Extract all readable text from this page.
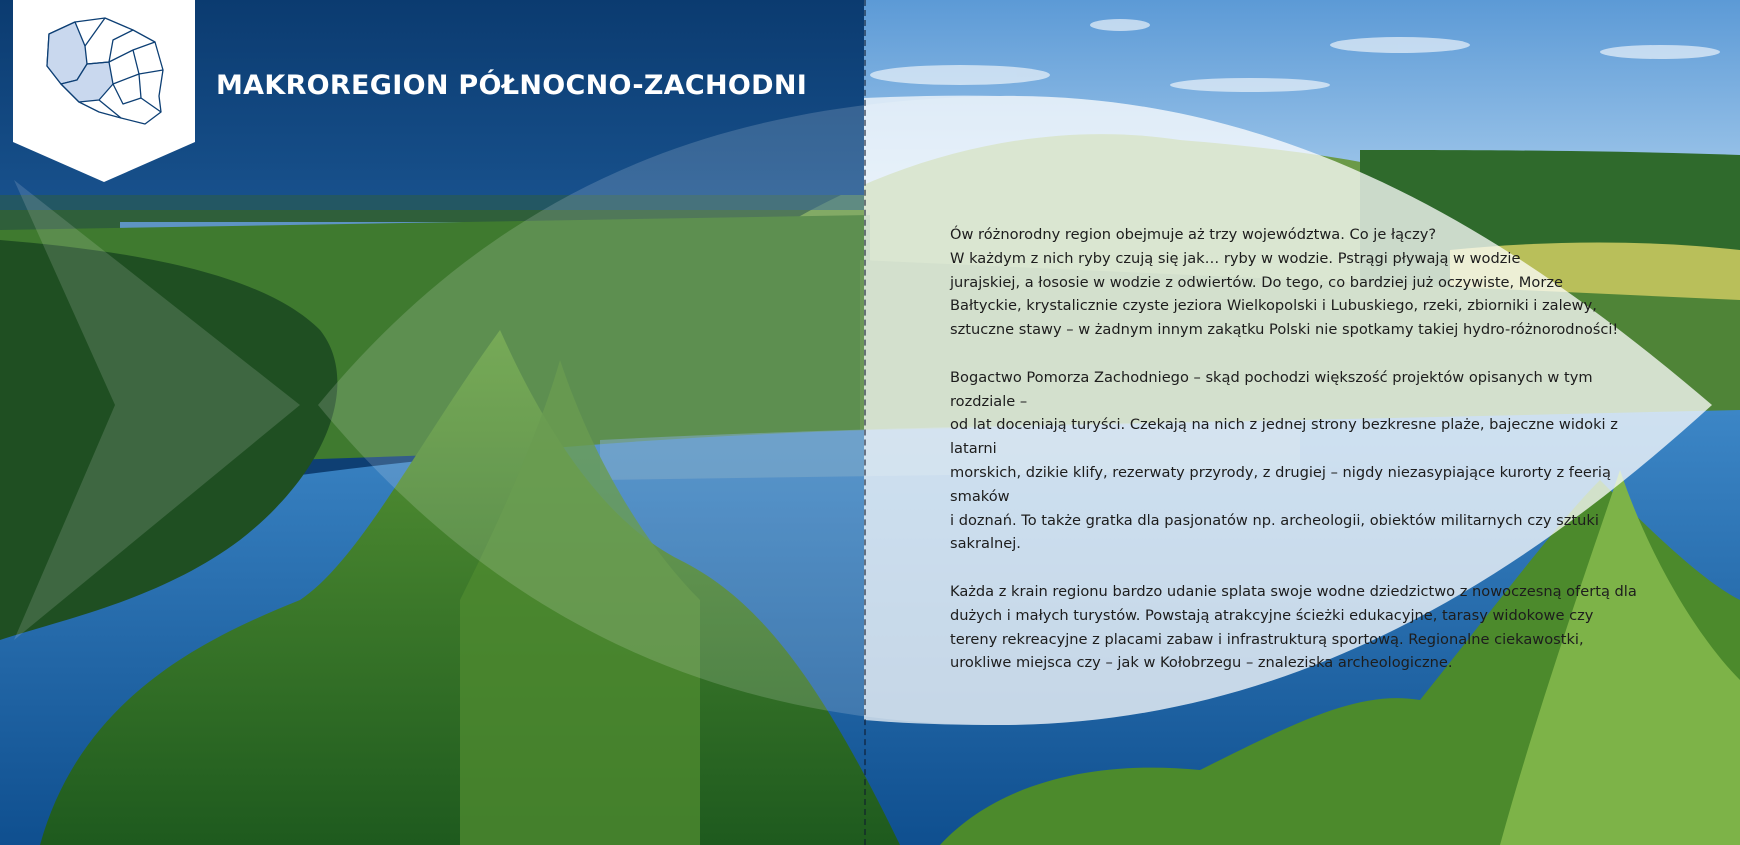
MAKROREGION PÓŁNOCNO-ZACHODNI

Ów różnorodny region obejmuje aż trzy województwa. Co je łączy?
W każdym z nich ryby czują się jak… ryby w wodzie. Pstrągi pływają w wodzie
jurajskiej, a łososie w wodzie z odwiertów. Do tego, co bardziej już oczywiste, Morze
Bałtyckie, krystalicznie czyste jeziora Wielkopolski i Lubuskiego, rzeki, zbiorniki i zalewy,
sztuczne stawy – w żadnym innym zakątku Polski nie spotkamy takiej hydro-różnorodności!

Bogactwo Pomorza Zachodniego – skąd pochodzi większość projektów opisanych w tym rozdziale –
od lat doceniają turyści. Czekają na nich z jednej strony bezkresne plaże, bajeczne widoki z latarni
morskich, dzikie klify, rezerwaty przyrody, z drugiej – nigdy niezasypiające kurorty z feerią smaków
i doznań. To także gratka dla pasjonatów np. archeologii, obiektów militarnych czy sztuki sakralnej.

Każda z krain regionu bardzo udanie splata swoje wodne dziedzictwo z nowoczesną ofertą dla
dużych i małych turystów. Powstają atrakcyjne ścieżki edukacyjne, tarasy widokowe czy
tereny rekreacyjne z placami zabaw i infrastrukturą sportową. Regionalne ciekawostki,
urokliwe miejsca czy – jak w Kołobrzegu – znaleziska archeologiczne.
